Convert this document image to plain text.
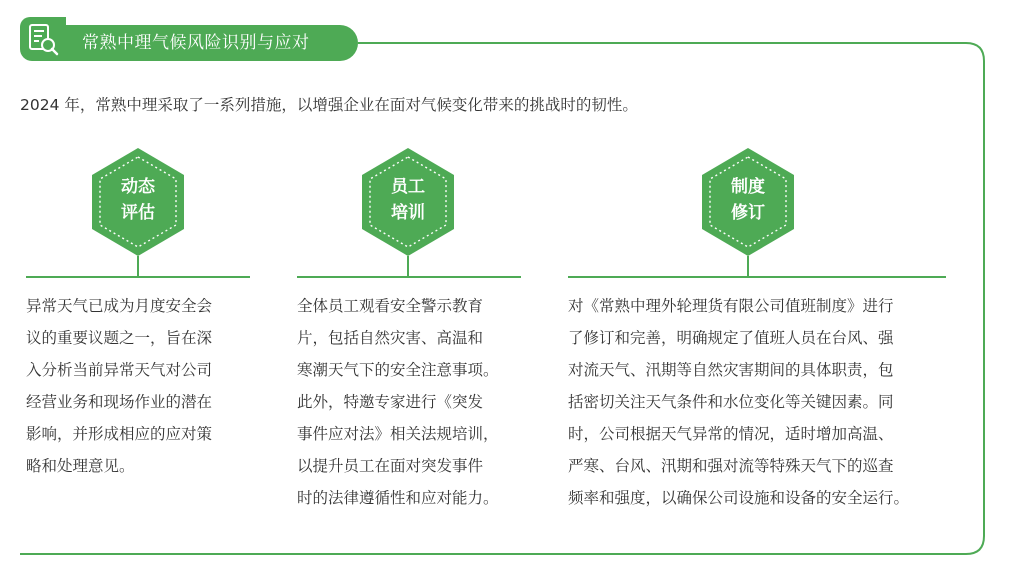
常熟中理气候风险识别与应对
2024 年，常熟中理采取了一系列措施，以增强企业在面对气候变化带来的挑战时的韧性。
动态
评估
异常天气已成为月度安全会
议的重要议题之一，旨在深
入分析当前异常天气对公司
经营业务和现场作业的潜在
影响，并形成相应的应对策
略和处理意见。
员工
培训
全体员工观看安全警示教育
片，包括自然灾害、高温和
寒潮天气下的安全注意事项。
此外，特邀专家进行《突发
事件应对法》相关法规培训，
以提升员工在面对突发事件
时的法律遵循性和应对能力。
制度
修订
对《常熟中理外轮理货有限公司值班制度》进行
了修订和完善，明确规定了值班人员在台风、强
对流天气、汛期等自然灾害期间的具体职责，包
括密切关注天气条件和水位变化等关键因素。同
时，公司根据天气异常的情况，适时增加高温、
严寒、台风、汛期和强对流等特殊天气下的巡查
频率和强度，以确保公司设施和设备的安全运行。
